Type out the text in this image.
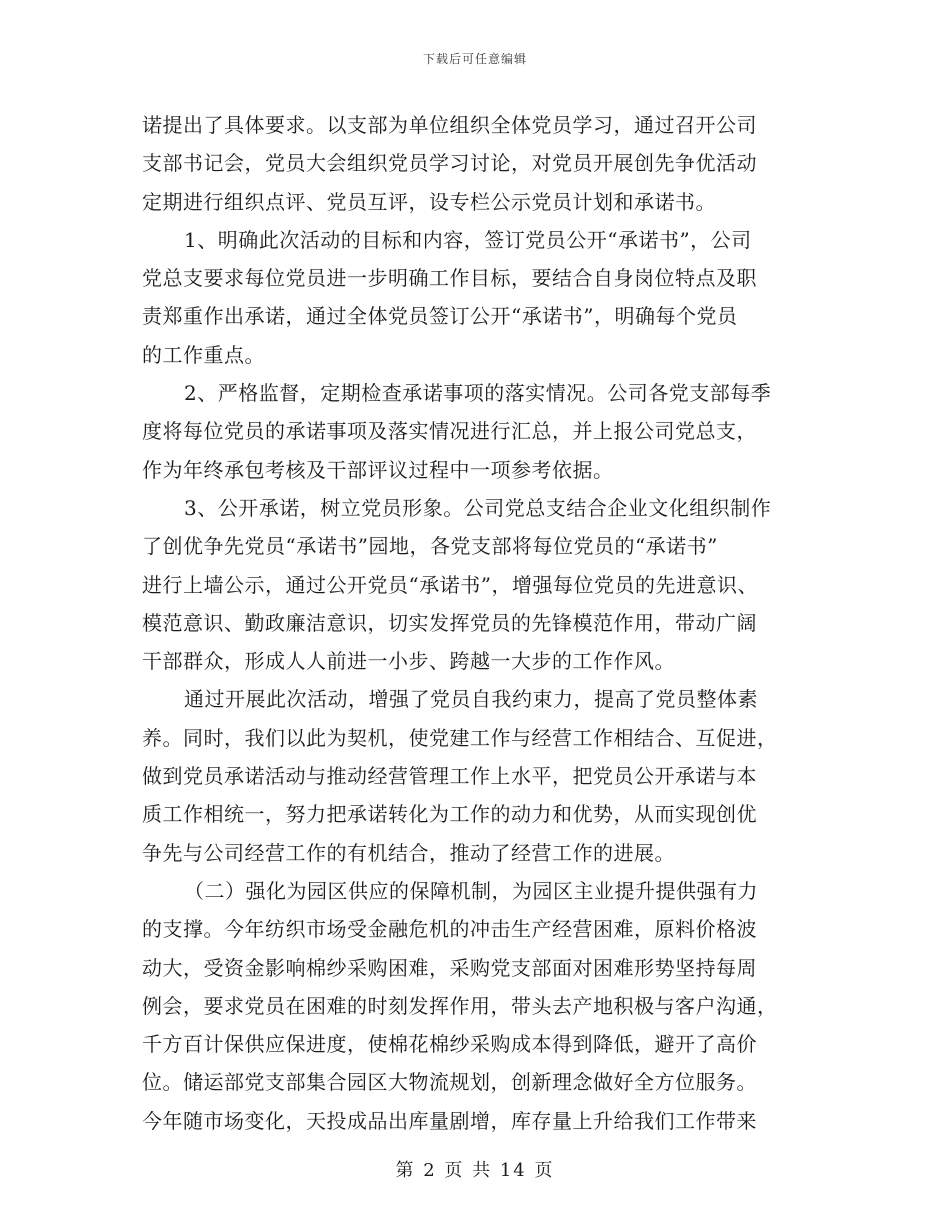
下载后可任意编辑
诺提出了具体要求。以支部为单位组织全体党员学习，通过召开公司
支部书记会，党员大会组织党员学习讨论，对党员开展创先争优活动
定期进行组织点评、党员互评，设专栏公示党员计划和承诺书。
1、明确此次活动的目标和内容，签订党员公开“承诺书”，公司
党总支要求每位党员进一步明确工作目标，要结合自身岗位特点及职
责郑重作出承诺，通过全体党员签订公开“承诺书”，明确每个党员
的工作重点。
2、严格监督，定期检查承诺事项的落实情况。公司各党支部每季
度将每位党员的承诺事项及落实情况进行汇总，并上报公司党总支，
作为年终承包考核及干部评议过程中一项参考依据。
3、公开承诺，树立党员形象。公司党总支结合企业文化组织制作
了创优争先党员“承诺书”园地，各党支部将每位党员的“承诺书”
进行上墙公示，通过公开党员“承诺书”，增强每位党员的先进意识、
模范意识、勤政廉洁意识，切实发挥党员的先锋模范作用，带动广阔
干部群众，形成人人前进一小步、跨越一大步的工作作风。
通过开展此次活动，增强了党员自我约束力，提高了党员整体素
养。同时，我们以此为契机，使党建工作与经营工作相结合、互促进，
做到党员承诺活动与推动经营管理工作上水平，把党员公开承诺与本
质工作相统一，努力把承诺转化为工作的动力和优势，从而实现创优
争先与公司经营工作的有机结合，推动了经营工作的进展。
（二）强化为园区供应的保障机制，为园区主业提升提供强有力
的支撑。今年纺织市场受金融危机的冲击生产经营困难，原料价格波
动大，受资金影响棉纱采购困难，采购党支部面对困难形势坚持每周
例会，要求党员在困难的时刻发挥作用，带头去产地积极与客户沟通，
千方百计保供应保进度，使棉花棉纱采购成本得到降低，避开了高价
位。储运部党支部集合园区大物流规划，创新理念做好全方位服务。
今年随市场变化，天投成品出库量剧增，库存量上升给我们工作带来
第 2 页 共 14 页
